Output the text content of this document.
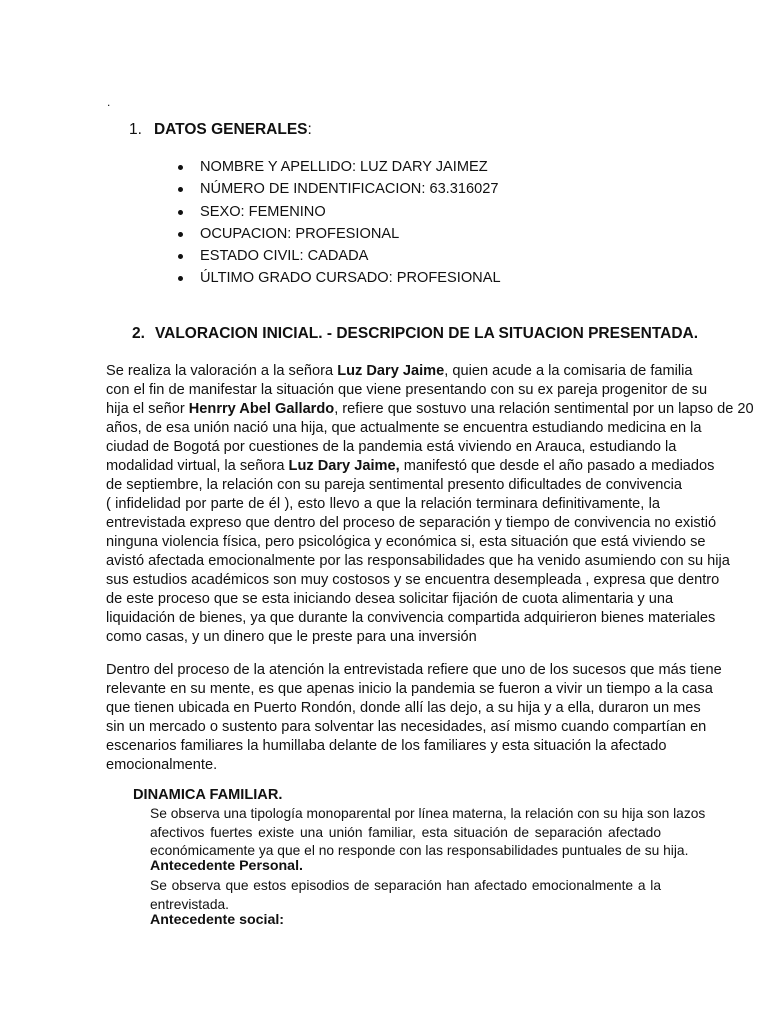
.
1. DATOS GENERALES:
NOMBRE Y APELLIDO: LUZ DARY JAIMEZ
NÚMERO DE INDENTIFICACION: 63.316027
SEXO: FEMENINO
OCUPACION: PROFESIONAL
ESTADO CIVIL: CADADA
ÚLTIMO GRADO CURSADO: PROFESIONAL
2. VALORACION INICIAL. - DESCRIPCION DE LA SITUACION PRESENTADA.
Se realiza la valoración a la señora Luz Dary Jaime, quien acude a la comisaria de familia
con el fin de manifestar la situación que viene presentando con su ex pareja progenitor de su
hija el señor Henrry Abel Gallardo, refiere que sostuvo una relación sentimental por un lapso de 20
años, de esa unión nació una hija, que actualmente se encuentra estudiando medicina en la
ciudad de Bogotá por cuestiones de la pandemia está viviendo en Arauca, estudiando la
modalidad virtual, la señora Luz Dary Jaime, manifestó que desde el año pasado a mediados
de septiembre, la relación con su pareja sentimental presento dificultades de convivencia
( infidelidad por parte de él ), esto llevo a que la relación terminara definitivamente, la
entrevistada expreso que dentro del proceso de separación y tiempo de convivencia no existió
ninguna violencia física, pero psicológica y económica si, esta situación que está viviendo se
avistó afectada emocionalmente por las responsabilidades que ha venido asumiendo con su hija
sus estudios académicos son muy costosos y se encuentra desempleada , expresa que dentro
de este proceso que se esta iniciando desea solicitar fijación de cuota alimentaria y una
liquidación de bienes, ya que durante la convivencia compartida adquirieron bienes materiales
como casas, y un dinero que le preste para una inversión
Dentro del proceso de la atención la entrevistada refiere que uno de los sucesos que más tiene
relevante en su mente, es que apenas inicio la pandemia se fueron a vivir un tiempo a la casa
que tienen ubicada en Puerto Rondón, donde allí las dejo, a su hija y a ella, duraron un mes
sin un mercado o sustento para solventar las necesidades, así mismo cuando compartían en
escenarios familiares la humillaba delante de los familiares y esta situación la afectado
emocionalmente.
DINAMICA FAMILIAR.
Se observa una tipología monoparental por línea materna, la relación con su hija son lazos
afectivos fuertes existe una unión familiar, esta situación de separación afectado
económicamente ya que el no responde con las responsabilidades puntuales de su hija.
Antecedente Personal.
Se observa que estos episodios de separación han afectado emocionalmente a la
entrevistada.
Antecedente social:
